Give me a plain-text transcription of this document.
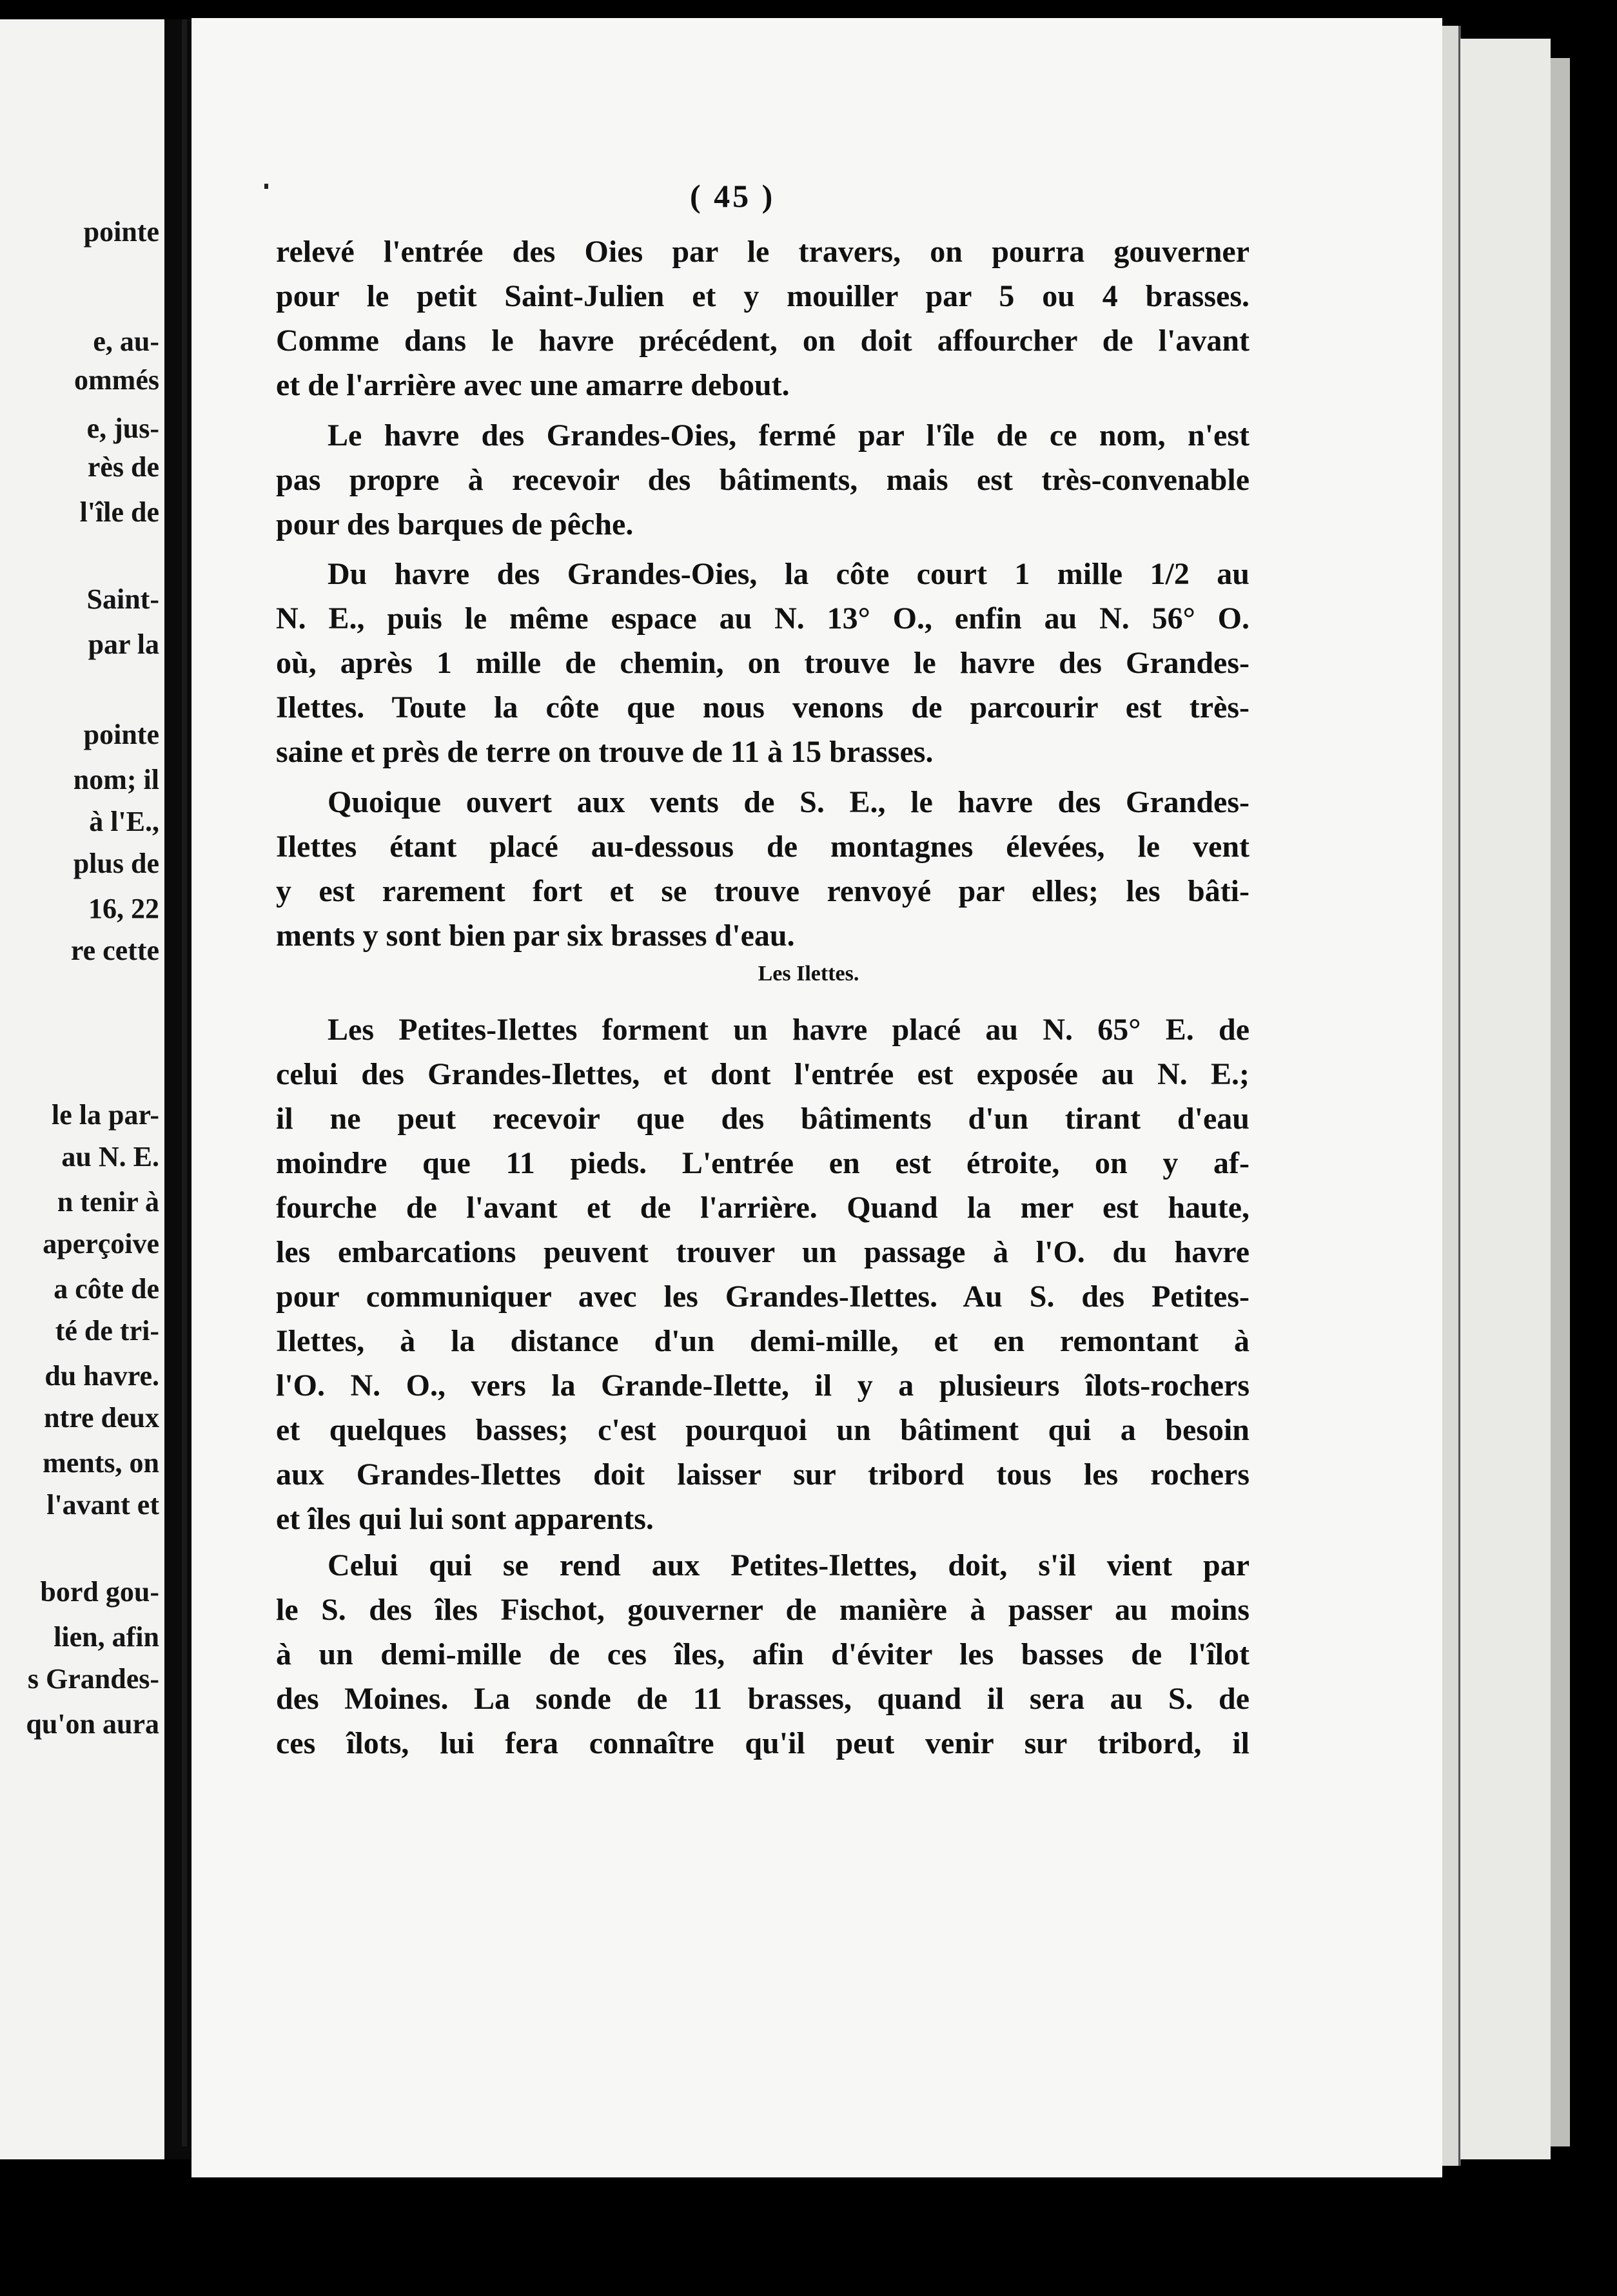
pointe
e, au-
ommés
e, jus-
rès de
l'île de
Saint-
par la
pointe
nom; il
à l'E.,
plus de
16, 22
re cette
le la par-
au N. E.
n tenir à
aperçoive
a côte de
té de tri-
du havre.
ntre deux
ments, on
l'avant et
bord gou-
lien, afin
s Grandes-
qu'on aura
( 45 )
relevé l'entrée des Oies par le travers, on pourra gouverner
pour le petit Saint-Julien et y mouiller par 5 ou 4 brasses.
Comme dans le havre précédent, on doit affourcher de l'avant
et de l'arrière avec une amarre debout.
Le havre des Grandes-Oies, fermé par l'île de ce nom, n'est
pas propre à recevoir des bâtiments, mais est très-convenable
pour des barques de pêche.
Du havre des Grandes-Oies, la côte court 1 mille 1/2 au
N. E., puis le même espace au N. 13° O., enfin au N. 56° O.
où, après 1 mille de chemin, on trouve le havre des Grandes-
Ilettes. Toute la côte que nous venons de parcourir est très-
saine et près de terre on trouve de 11 à 15 brasses.
Quoique ouvert aux vents de S. E., le havre des Grandes-
Ilettes étant placé au-dessous de montagnes élevées, le vent
y est rarement fort et se trouve renvoyé par elles; les bâti-
ments y sont bien par six brasses d'eau.
Les Ilettes.
Les Petites-Ilettes forment un havre placé au N. 65° E. de
celui des Grandes-Ilettes, et dont l'entrée est exposée au N. E.;
il ne peut recevoir que des bâtiments d'un tirant d'eau
moindre que 11 pieds. L'entrée en est étroite, on y af-
fourche de l'avant et de l'arrière. Quand la mer est haute,
les embarcations peuvent trouver un passage à l'O. du havre
pour communiquer avec les Grandes-Ilettes. Au S. des Petites-
Ilettes, à la distance d'un demi-mille, et en remontant à
l'O. N. O., vers la Grande-Ilette, il y a plusieurs îlots-rochers
et quelques basses; c'est pourquoi un bâtiment qui a besoin
aux Grandes-Ilettes doit laisser sur tribord tous les rochers
et îles qui lui sont apparents.
Celui qui se rend aux Petites-Ilettes, doit, s'il vient par
le S. des îles Fischot, gouverner de manière à passer au moins
à un demi-mille de ces îles, afin d'éviter les basses de l'îlot
des Moines. La sonde de 11 brasses, quand il sera au S. de
ces îlots, lui fera connaître qu'il peut venir sur tribord, il
